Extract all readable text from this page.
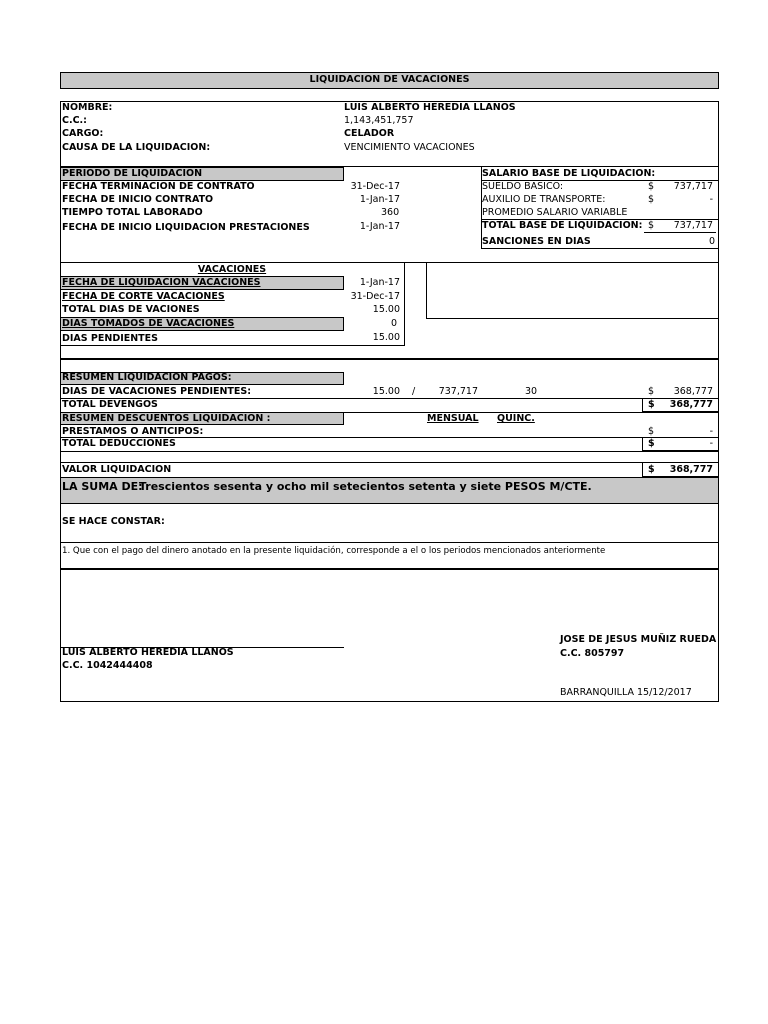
LIQUIDACION DE VACACIONES
NOMBRE:	LUIS ALBERTO HEREDIA LLANOS
C.C.:	1,143,451,757
CARGO:	CELADOR
CAUSA DE LA LIQUIDACION:	VENCIMIENTO VACACIONES
PERIODO DE LIQUIDACION
FECHA TERMINACION DE CONTRATO	31-Dec-17
FECHA DE INICIO CONTRATO	1-Jan-17
TIEMPO TOTAL LABORADO	360
FECHA DE INICIO LIQUIDACION PRESTACIONES	1-Jan-17
SALARIO BASE DE LIQUIDACION:
SUELDO BASICO:	$	737,717
AUXILIO DE TRANSPORTE:	$	-
PROMEDIO SALARIO VARIABLE
TOTAL BASE DE LIQUIDACION: $	737,717
SANCIONES EN DIAS	0
VACACIONES
FECHA DE LIQUIDACION VACACIONES	1-Jan-17
FECHA DE CORTE VACACIONES	31-Dec-17
TOTAL DIAS DE VACIONES	15.00
DIAS TOMADOS DE VACACIONES	0
DIAS PENDIENTES	15.00
RESUMEN LIQUIDACION PAGOS:
DIAS DE VACACIONES PENDIENTES:	15.00 /	737,717	30	$	368,777
TOTAL DEVENGOS	$	368,777
RESUMEN DESCUENTOS LIQUIDACION :	MENSUAL QUINC.
PRESTAMOS O ANTICIPOS:	$	-
TOTAL DEDUCCIONES	$	-
VALOR LIQUIDACION	$	368,777
LA SUMA DE:
Trescientos sesenta y ocho mil setecientos setenta y siete PESOS M/CTE.
SE HACE CONSTAR:
1. Que con el pago del dinero anotado en la presente liquidación, corresponde a el o los periodos mencionados anteriormente
LUIS ALBERTO HEREDIA LLANOS
C.C. 1042444408
JOSE DE JESUS MUÑIZ RUEDA
C.C. 805797
BARRANQUILLA 15/12/2017
